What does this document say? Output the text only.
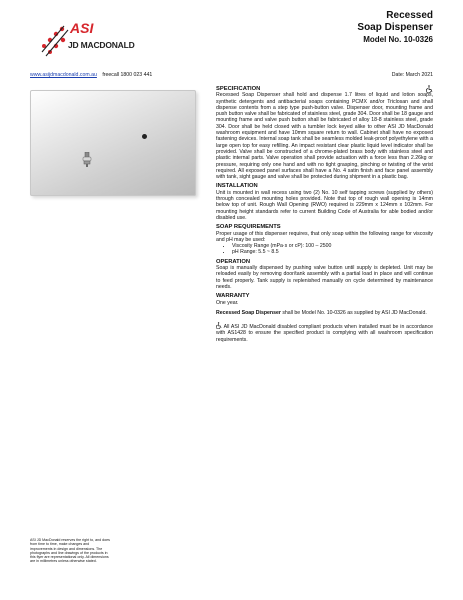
ASI
JD MACDONALD
Recessed
Soap Dispenser
Model No. 10-0326
www.asijdmacdonald.com.au freecall 1800 023 441	Date: March 2021
SPECIFICATION

Recessed Soap Dispenser shall hold and dispense 1.7 litres of liquid and lotion soaps, synthetic detergents and antibacterial soaps containing PCMX and/or Triclosan and shall dispense contents from a step type push-button valve. Dispenser door, mounting frame and push button valve shall be fabricated of stainless steel, grade 304. Door shall be 18 gauge and mounting frame and valve push button shall be fabricated of alloy 18-8 stainless steel, grade 304. Door shall be held closed with a tumbler lock keyed alike to other ASI JD MacDonald washroom equipment and have 10mm square return to wall. Cabinet shall have no exposed fastening devices. Internal soap tank shall be seamless molded leak-proof polyethylene with a large open top for easy refilling. An impact resistant clear plastic liquid level indicator shall be provided. Valve shall be constructed of a chrome-plated brass body with stainless steel and plastic internal parts. Valve operation shall provide actuation with a force less than 2.26kg or pressure, requiring only one hand and with no tight grasping, pinching or twisting of the wrist required. All exposed panel surfaces shall have a No. 4 satin finish and face panel assembly with tank, sight gauge and valve shall be protected during shipment in a plastic bag.

INSTALLATION

Unit is mounted in wall recess using two (2) No. 10 self tapping screws (supplied by others) through concealed mounting holes provided. Note that top of rough wall opening is 14mm below top of unit. Rough Wall Opening (RWO) required is 229mm x 124mm x 102mm. For mounting height standards refer to current Building Code of Australia for able bodied and/or disabled use.

SOAP REQUIREMENTS

Proper usage of this dispenser requires, that only soap within the following range for viscosity and pH may be used:

• Viscosity Range (mPa·s or cP): 100 – 2500
• pH Range: 5.5 ~ 8.5
OPERATION

Soap is manually dispensed by pushing valve button until supply is depleted. Unit may be reloaded easily by removing door/tank assembly with a partial load in place and will continue to feed properly. Tank supply is replenished manually on cycle determined by maintenance needs.

WARRANTY

One year.

Recessed Soap Dispenser shall be Model No. 10-0326 as supplied by ASI JD MacDonald.

All ASI JD MacDonald disabled compliant products when installed must be in accordance with AS1428 to ensure the specified product is complying with all washroom specification requirements.

ASI JD MacDonald reserves the right to, and does from time to time, make changes and improvements in design and dimensions. The photographs and line drawings of the products in this flyer are representational only. All dimensions are in millimetres unless otherwise stated.
